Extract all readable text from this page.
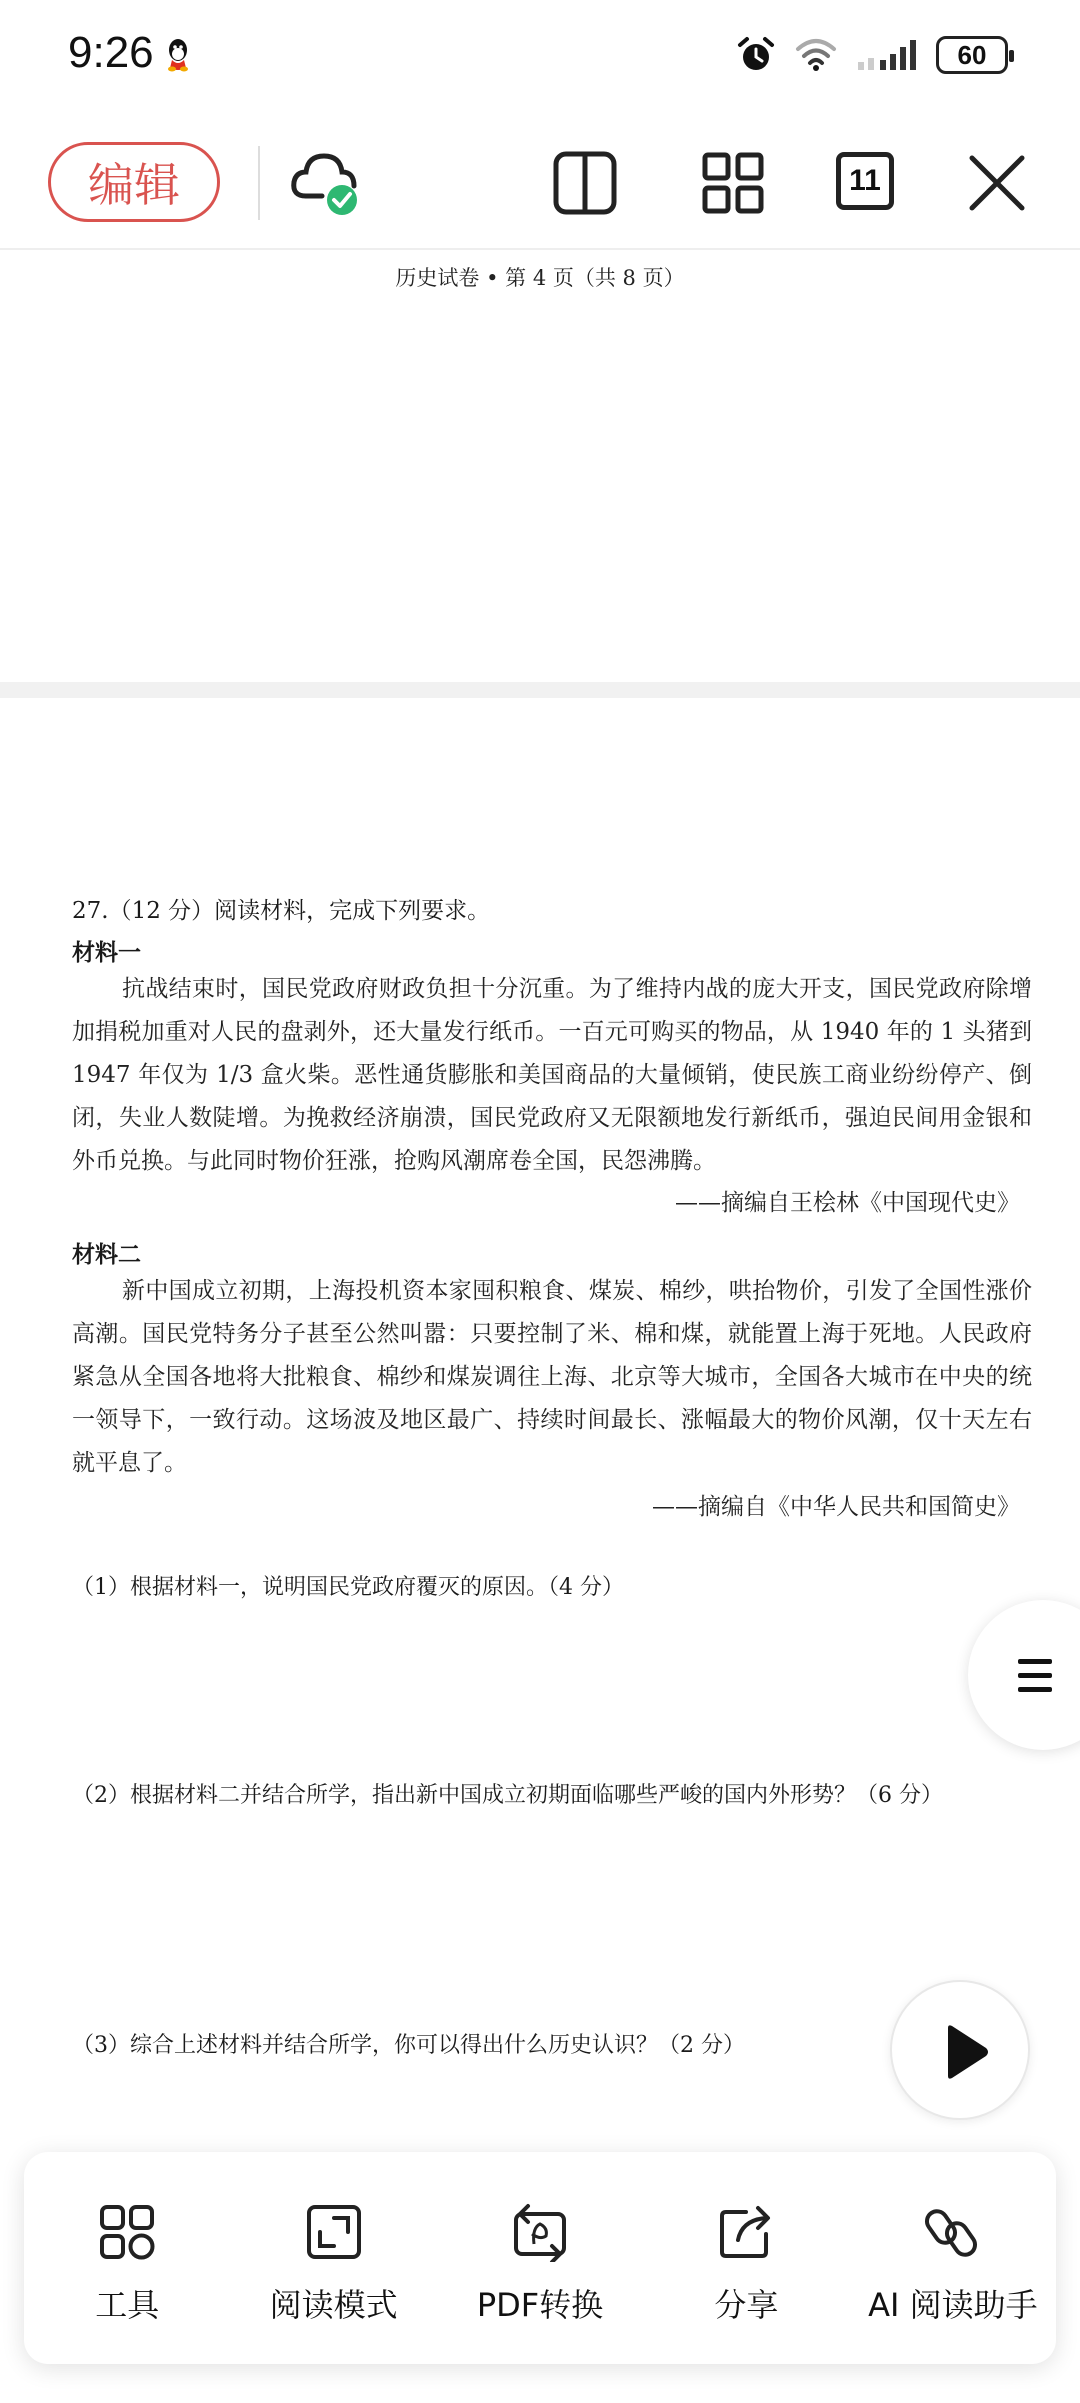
9:26	60
编辑	11
历史试卷 • 第 4 页（共 8 页）
27.（12 分）阅读材料，完成下列要求。
材料一
抗战结束时，国民党政府财政负担十分沉重。为了维持内战的庞大开支，国民党政府除增加捐税加重对人民的盘剥外，还大量发行纸币。一百元可购买的物品，从 1940 年的 1 头猪到 1947 年仅为 1/3 盒火柴。恶性通货膨胀和美国商品的大量倾销，使民族工商业纷纷停产、倒闭，失业人数陡增。为挽救经济崩溃，国民党政府又无限额地发行新纸币，强迫民间用金银和外币兑换。与此同时物价狂涨，抢购风潮席卷全国，民怨沸腾。
——摘编自王桧林《中国现代史》
材料二
新中国成立初期，上海投机资本家囤积粮食、煤炭、棉纱，哄抬物价，引发了全国性涨价高潮。国民党特务分子甚至公然叫嚣：只要控制了米、棉和煤，就能置上海于死地。人民政府紧急从全国各地将大批粮食、棉纱和煤炭调往上海、北京等大城市，全国各大城市在中央的统一领导下，一致行动。这场波及地区最广、持续时间最长、涨幅最大的物价风潮，仅十天左右就平息了。
——摘编自《中华人民共和国简史》
（1）根据材料一，说明国民党政府覆灭的原因。（4 分）
（2）根据材料二并结合所学，指出新中国成立初期面临哪些严峻的国内外形势？（6 分）
（3）综合上述材料并结合所学，你可以得出什么历史认识？（2 分）
工具	阅读模式 PDF转换	分享	AI 阅读助手
